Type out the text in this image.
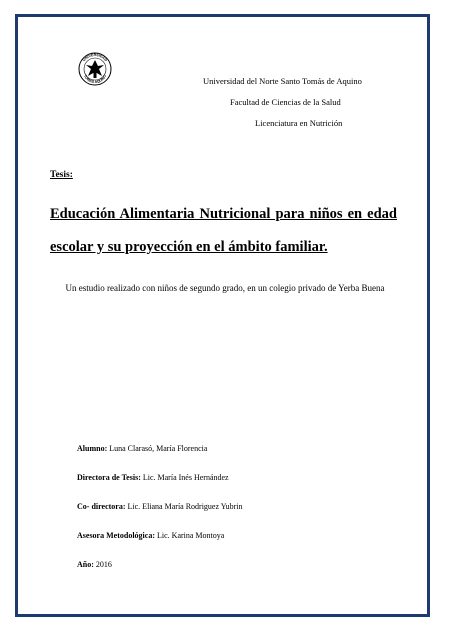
UNIVERSIDAD
TOMAS AQUINO	Universidad del Norte Santo Tomás de Aquino
Facultad de Ciencias de la Salud
Licenciatura en Nutrición
Tesis:
Educación Alimentaria Nutricional para niños en edad escolar y su proyección en el ámbito familiar.
Un estudio realizado con niños de segundo grado, en un colegio privado de Yerba Buena
Alumno: Luna Clarasó, María Florencia
Directora de Tesis: Lic. María Inés Hernández
Co- directora: Lic. Eliana María Rodriguez Yubrin
Asesora Metodológica: Lic. Karina Montoya
Año: 2016
